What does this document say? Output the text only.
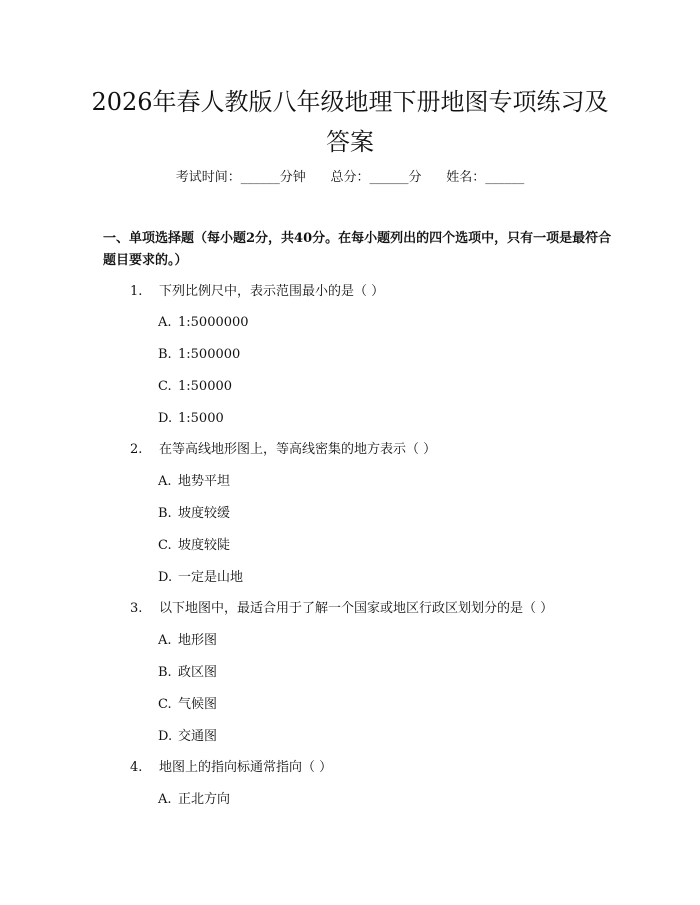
2026年春人教版八年级地理下册地图专项练习及答案
考试时间：______分钟      总分：______分      姓名：______

一、单项选择题（每小题2分，共40分。在每小题列出的四个选项中，只有一项是最符合题目要求的。）

1. 下列比例尺中，表示范围最小的是（ ）
A. 1:5000000
B. 1:500000
C. 1:50000
D. 1:5000
2. 在等高线地形图上，等高线密集的地方表示（ ）
A. 地势平坦
B. 坡度较缓
C. 坡度较陡
D. 一定是山地
3. 以下地图中，最适合用于了解一个国家或地区行政区划划分的是（ ）
A. 地形图
B. 政区图
C. 气候图
D. 交通图
4. 地图上的指向标通常指向（ ）
A. 正北方向
